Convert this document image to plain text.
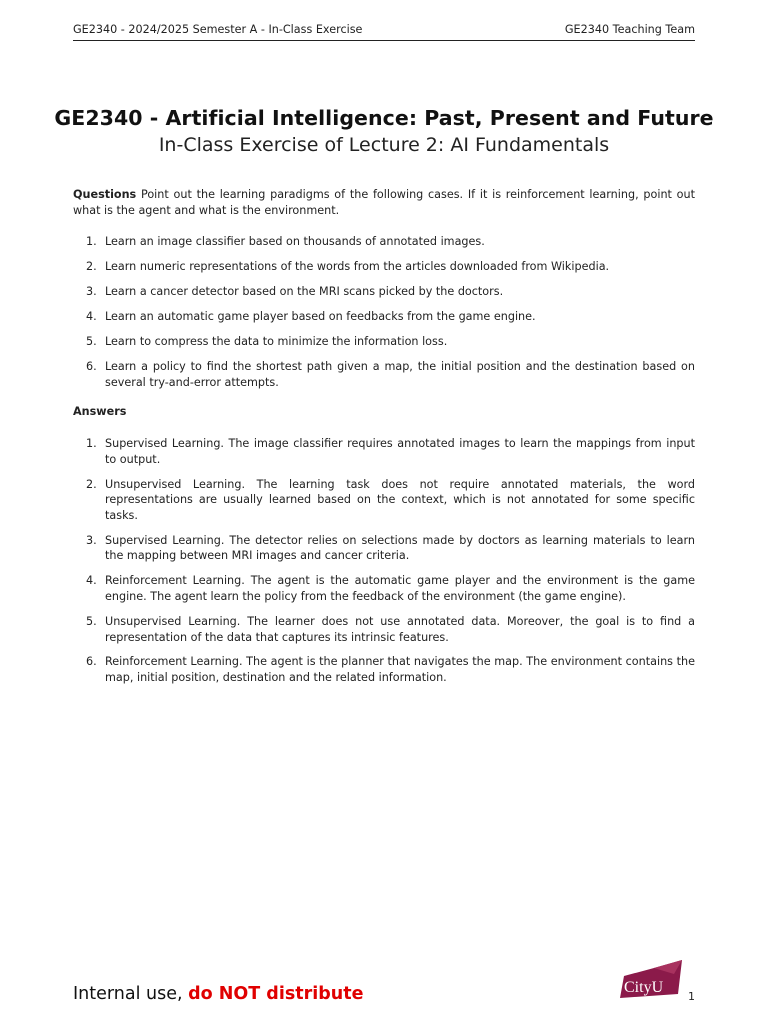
GE2340 - 2024/2025 Semester A - In-Class Exercise	GE2340 Teaching Team
GE2340 - Artificial Intelligence: Past, Present and Future
In-Class Exercise of Lecture 2: AI Fundamentals
Questions Point out the learning paradigms of the following cases. If it is reinforcement learning, point out what is the agent and what is the environment.
1. Learn an image classifier based on thousands of annotated images.
2. Learn numeric representations of the words from the articles downloaded from Wikipedia.
3. Learn a cancer detector based on the MRI scans picked by the doctors.
4. Learn an automatic game player based on feedbacks from the game engine.
5. Learn to compress the data to minimize the information loss.
6. Learn a policy to find the shortest path given a map, the initial position and the destination based on several try-and-error attempts.
Answers
1. Supervised Learning. The image classifier requires annotated images to learn the mappings from input to output.
2. Unsupervised Learning. The learning task does not require annotated materials, the word representations are usually learned based on the context, which is not annotated for some specific tasks.
3. Supervised Learning. The detector relies on selections made by doctors as learning materials to learn the mapping between MRI images and cancer criteria.
4. Reinforcement Learning. The agent is the automatic game player and the environment is the game engine. The agent learn the policy from the feedback of the environment (the game engine).
5. Unsupervised Learning. The learner does not use annotated data. Moreover, the goal is to find a representation of the data that captures its intrinsic features.
6. Reinforcement Learning. The agent is the planner that navigates the map. The environment contains the map, initial position, destination and the related information.
Internal use, do NOT distribute	CityU
1
